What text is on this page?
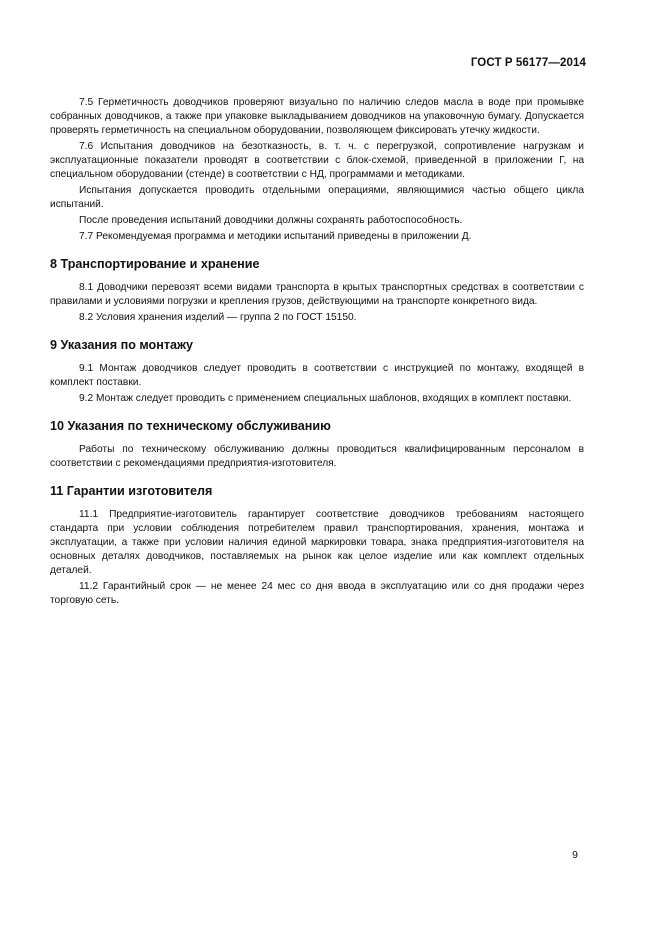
ГОСТ Р 56177—2014

7.5 Герметичность доводчиков проверяют визуально по наличию следов масла в воде при промывке собранных доводчиков, а также при упаковке выкладыванием доводчиков на упаковочную бумагу. Допускается проверять герметичность на специальном оборудовании, позволяющем фиксировать утечку жидкости.

7.6 Испытания доводчиков на безотказность, в. т. ч. с перегрузкой, сопротивление нагрузкам и эксплуатационные показатели проводят в соответствии с блок-схемой, приведенной в приложении Г, на специальном оборудовании (стенде) в соответствии с НД, программами и методиками.

Испытания допускается проводить отдельными операциями, являющимися частью общего цикла испытаний.

После проведения испытаний доводчики должны сохранять работоспособность.

7.7 Рекомендуемая программа и методики испытаний приведены в приложении Д.

8 Транспортирование и хранение

8.1 Доводчики перевозят всеми видами транспорта в крытых транспортных средствах в соответствии с правилами и условиями погрузки и крепления грузов, действующими на транспорте конкретного вида.

8.2 Условия хранения изделий — группа 2 по ГОСТ 15150.

9 Указания по монтажу

9.1 Монтаж доводчиков следует проводить в соответствии с инструкцией по монтажу, входящей в комплект поставки.

9.2 Монтаж следует проводить с применением специальных шаблонов, входящих в комплект поставки.

10 Указания по техническому обслуживанию

Работы по техническому обслуживанию должны проводиться квалифицированным персоналом в соответствии с рекомендациями предприятия-изготовителя.

11 Гарантии изготовителя

11.1 Предприятие-изготовитель гарантирует соответствие доводчиков требованиям настоящего стандарта при условии соблюдения потребителем правил транспортирования, хранения, монтажа и эксплуатации, а также при условии наличия единой маркировки товара, знака предприятия-изготовителя на основных деталях доводчиков, поставляемых на рынок как целое изделие или как комплект отдельных деталей.

11.2 Гарантийный срок — не менее 24 мес со дня ввода в эксплуатацию или со дня продажи через торговую сеть.

9
